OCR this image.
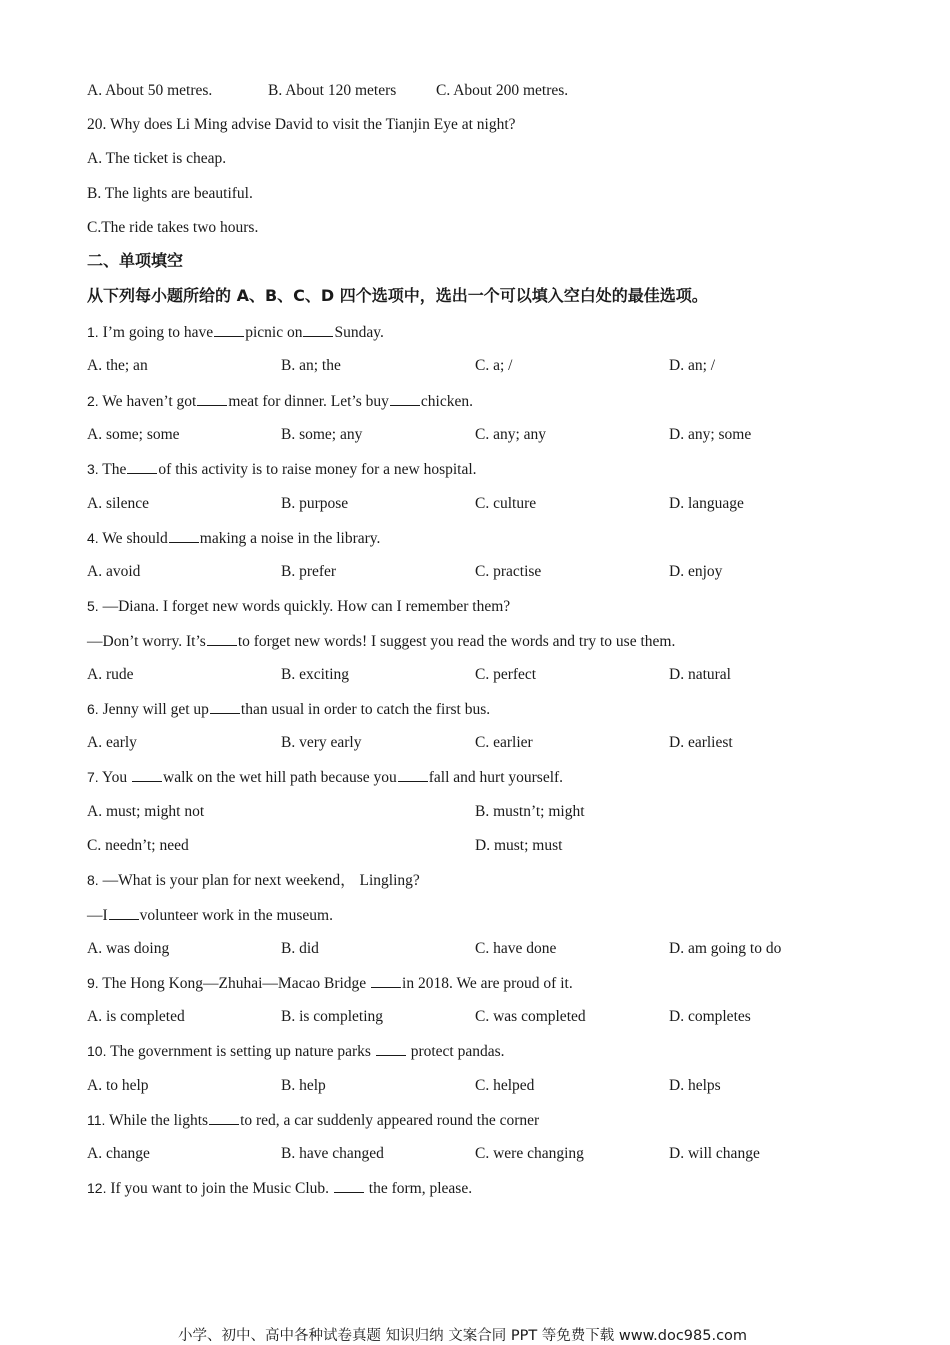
A. About 50 metres.	B. About 120 meters	C. About 200 metres.
20. Why does Li Ming advise David to visit the Tianjin Eye at night?
A. The ticket is cheap.
B. The lights are beautiful.
C.The ride takes two hours.
二、单项填空
从下列每小题所给的 A、B、C、D 四个选项中，选出一个可以填入空白处的最佳选项。
1. I’m going to have picnic on Sunday.
A. the; an	B. an; the	C. a; /	D. an; /
2. We haven’t got meat for dinner. Let’s buy chicken.
A. some; some	B. some; any	C. any; any	D. any; some
3. The of this activity is to raise money for a new hospital.
A. silence	B. purpose	C. culture	D. language
4. We should making a noise in the library.
A. avoid	B. prefer	C. practise	D. enjoy
5. —Diana. I forget new words quickly. How can I remember them?
—Don’t worry. It’s to forget new words! I suggest you read the words and try to use them.
A. rude	B. exciting	C. perfect	D. natural
6. Jenny will get up than usual in order to catch the first bus.
A. early	B. very early	C. earlier	D. earliest
7. You walk on the wet hill path because you fall and hurt yourself.
A. must; might not	B. mustn’t; might
C. needn’t; need	D. must; must
8. —What is your plan for next weekend， Lingling?
—I volunteer work in the museum.
A. was doing	B. did	C. have done	D. am going to do
9. The Hong Kong—Zhuhai—Macao Bridge in 2018. We are proud of it.
A. is completed	B. is completing	C. was completed	D. completes
10. The government is setting up nature parks  protect pandas.
A. to help	B. help	C. helped	D. helps
11. While the lights to red, a car suddenly appeared round the corner
A. change	B. have changed	C. were changing	D. will change
12. If you want to join the Music Club.  the form, please.
小学、初中、高中各种试卷真题 知识归纳 文案合同 PPT 等免费下载 www.doc985.com
